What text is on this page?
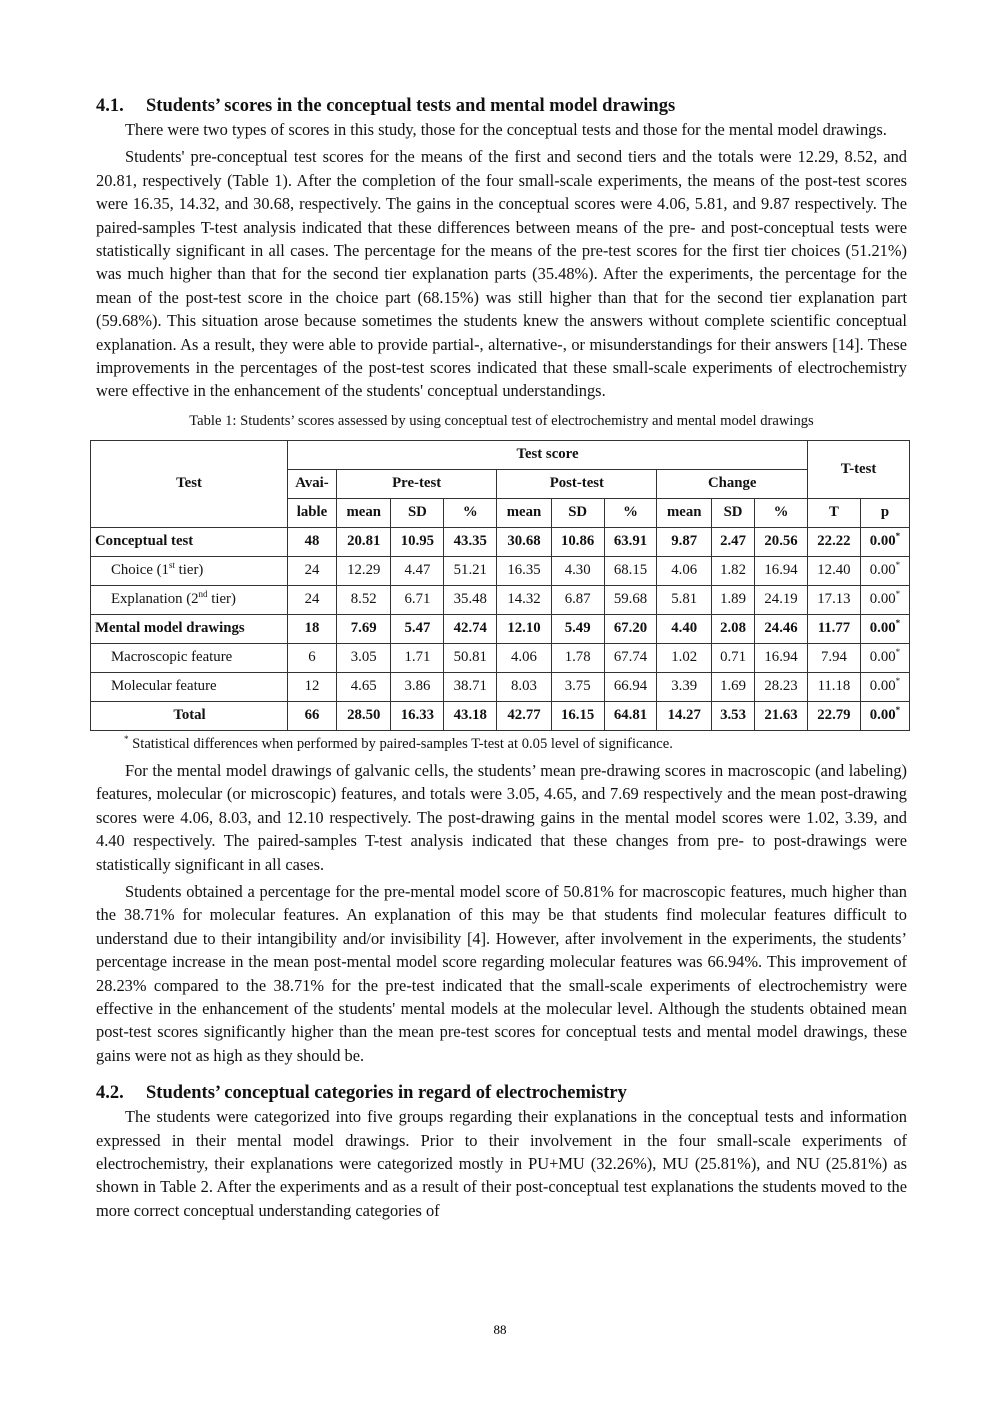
4.1. Students’ scores in the conceptual tests and mental model drawings

There were two types of scores in this study, those for the conceptual tests and those for the mental model drawings.

Students' pre-conceptual test scores for the means of the first and second tiers and the totals were 12.29, 8.52, and 20.81, respectively (Table 1). After the completion of the four small-scale experiments, the means of the post-test scores were 16.35, 14.32, and 30.68, respectively. The gains in the conceptual scores were 4.06, 5.81, and 9.87 respectively. The paired-samples T-test analysis indicated that these differences between means of the pre- and post-conceptual tests were statistically significant in all cases. The percentage for the means of the pre-test scores for the first tier choices (51.21%) was much higher than that for the second tier explanation parts (35.48%). After the experiments, the percentage for the mean of the post-test score in the choice part (68.15%) was still higher than that for the second tier explanation part (59.68%). This situation arose because sometimes the students knew the answers without complete scientific conceptual explanation. As a result, they were able to provide partial-, alternative-, or misunderstandings for their answers [14]. These improvements in the percentages of the post-test scores indicated that these small-scale experiments of electrochemistry were effective in the enhancement of the students' conceptual understandings.

Table 1: Students’ scores assessed by using conceptual test of electrochemistry and mental model drawings
Test	Test score										T-test	
	Avai-	Pre-test			Post-test			Change				
	lable	mean	SD	%	mean	SD	%	mean	SD	%	T	p
Conceptual test	48	20.81	10.95	43.35	30.68	10.86	63.91	9.87	2.47	20.56	22.22	0.00*
Choice (1st tier)	24	12.29	4.47	51.21	16.35	4.30	68.15	4.06	1.82	16.94	12.40	0.00*
Explanation (2nd tier)	24	8.52	6.71	35.48	14.32	6.87	59.68	5.81	1.89	24.19	17.13	0.00*
Mental model drawings	18	7.69	5.47	42.74	12.10	5.49	67.20	4.40	2.08	24.46	11.77	0.00*
Macroscopic feature	6	3.05	1.71	50.81	4.06	1.78	67.74	1.02	0.71	16.94	7.94	0.00*
Molecular feature	12	4.65	3.86	38.71	8.03	3.75	66.94	3.39	1.69	28.23	11.18	0.00*
Total	66	28.50	16.33	43.18	42.77	16.15	64.81	14.27	3.53	21.63	22.79	0.00*
* Statistical differences when performed by paired-samples T-test at 0.05 level of significance.

For the mental model drawings of galvanic cells, the students’ mean pre-drawing scores in macroscopic (and labeling) features, molecular (or microscopic) features, and totals were 3.05, 4.65, and 7.69 respectively and the mean post-drawing scores were 4.06, 8.03, and 12.10 respectively. The post-drawing gains in the mental model scores were 1.02, 3.39, and 4.40 respectively. The paired-samples T-test analysis indicated that these changes from pre- to post-drawings were statistically significant in all cases.

Students obtained a percentage for the pre-mental model score of 50.81% for macroscopic features, much higher than the 38.71% for molecular features. An explanation of this may be that students find molecular features difficult to understand due to their intangibility and/or invisibility [4]. However, after involvement in the experiments, the students’ percentage increase in the mean post-mental model score regarding molecular features was 66.94%. This improvement of 28.23% compared to the 38.71% for the pre-test indicated that the small-scale experiments of electrochemistry were effective in the enhancement of the students' mental models at the molecular level. Although the students obtained mean post-test scores significantly higher than the mean pre-test scores for conceptual tests and mental model drawings, these gains were not as high as they should be.

4.2. Students’ conceptual categories in regard of electrochemistry

The students were categorized into five groups regarding their explanations in the conceptual tests and information expressed in their mental model drawings. Prior to their involvement in the four small-scale experiments of electrochemistry, their explanations were categorized mostly in PU+MU (32.26%), MU (25.81%), and NU (25.81%) as shown in Table 2. After the experiments and as a result of their post-conceptual test explanations the students moved to the more correct conceptual understanding categories of

88
